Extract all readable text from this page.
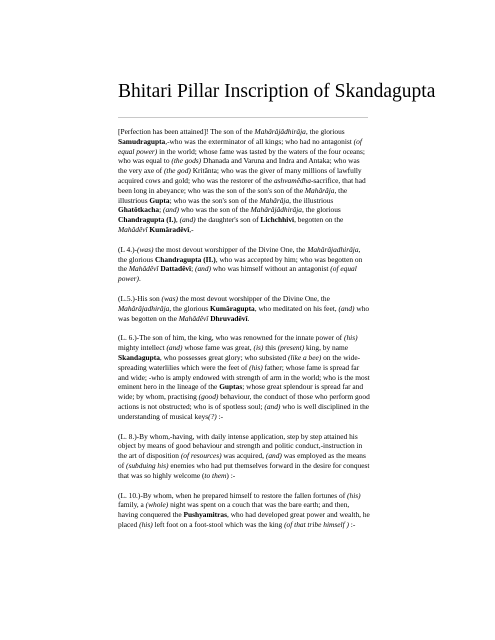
Bhitari Pillar Inscription of Skandagupta

[Perfection has been attained]! The son of the Mahârâjâdhirâja, the glorious Samudragupta,-who was the exterminator of all kings; who had no antagonist (of equal power) in the world; whose fame was tasted by the waters of the four oceans; who was equal to (the gods) Dhanada and Varuna and Indra and Antaka; who was the very axe of (the god) Kritânta; who was the giver of many millions of lawfully acquired cows and gold; who was the restorer of the ashvamêdha-sacrifice, that had been long in abeyance; who was the son of the son's son of the Mahârâja, the illustrious Gupta; who was the son's son of the Mahârâja, the illustrious Ghatôtkacha; (and) who was the son of the Mahârâjâdhirâja, the glorious Chandragupta (I.), (and) the daughter's son of Lichchhivi, begotten on the Mahâdêvî Kumâradêvî,-

(L 4.)-(was) the most devout worshipper of the Divine One, the Mahârâjadhirâja, the glorious Chandragupta (II.), who was accepted by him; who was begotten on the Mahâdêvî Dattadêvî; (and) who was himself without an antagonist (of equal power).

(L.5.)-His son (was) the most devout worshipper of the Divine One, the Mahârâjadhirâja, the glorious Kumâragupta, who meditated on his feet, (and) who was begotten on the Mahâdêvî Dhruvadêvî.

(L. 6.)-The son of him, the king, who was renowned for the innate power of (his) mighty intellect (and) whose fame was great, (is) this (present) king, by name Skandagupta, who possesses great glory; who subsisted (like a bee) on the wide-spreading waterlilies which were the feet of (his) father; whose fame is spread far and wide; -who is amply endowed with strength of arm in the world; who is the most eminent hero in the lineage of the Guptas; whose great splendour is spread far and wide; by whom, practising (good) behaviour, the conduct of those who perform good actions is not obstructed; who is of spotless soul; (and) who is well disciplined in the understanding of musical keys(?) :-

(L. 8.)-By whom,-having, with daily intense application, step by step attained his object by means of good behaviour and strength and politic conduct,-instruction in the art of disposition (of resources) was acquired, (and) was employed as the means of (subduing his) enemies who had put themselves forward in the desire for conquest that was so highly welcome (to them) :-

(L. 10.)-By whom, when he prepared himself to restore the fallen fortunes of (his) family, a (whole) night was spent on a couch that was the bare earth; and then, having conquered the Pushyamitras, who had developed great power and wealth, he placed (his) left foot on a foot-stool which was the king (of that tribe himself ) :-
